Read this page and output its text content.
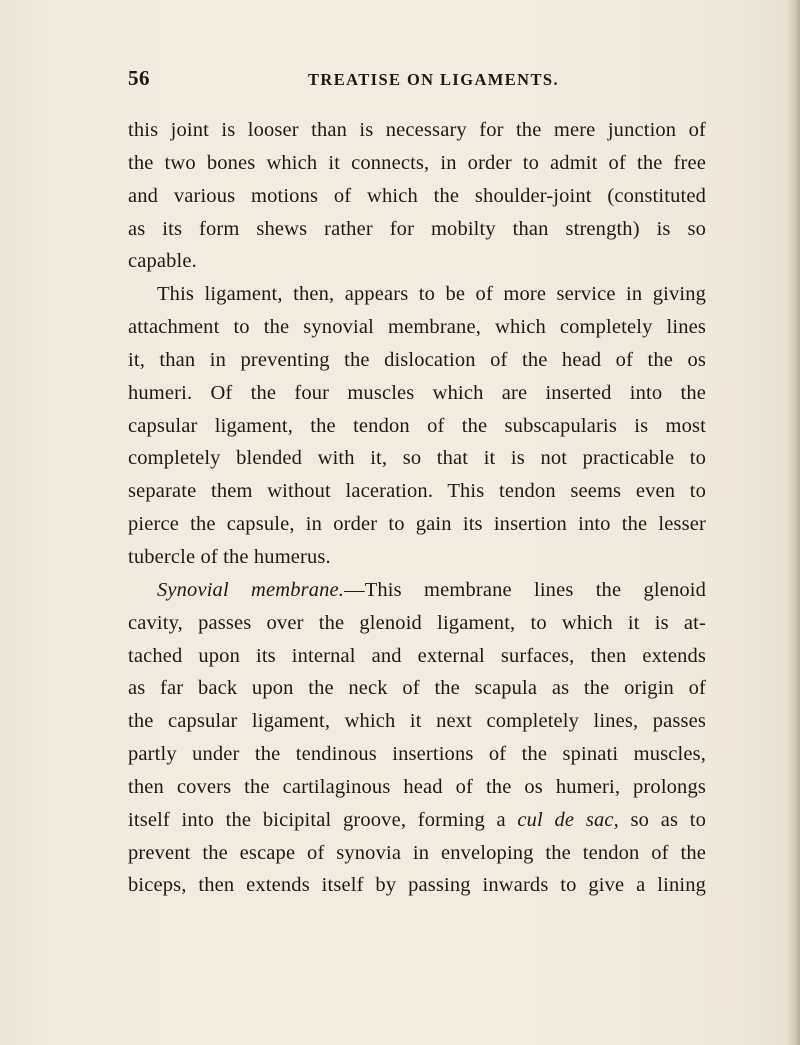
56	TREATISE ON LIGAMENTS.
this joint is looser than is necessary for the mere junction of
the two bones which it connects, in order to admit of the free
and various motions of which the shoulder-joint (constituted
as its form shews rather for mobilty than strength) is so
capable.
This ligament, then, appears to be of more service in giving
attachment to the synovial membrane, which completely lines
it, than in preventing the dislocation of the head of the os
humeri. Of the four muscles which are inserted into the
capsular ligament, the tendon of the subscapularis is most
completely blended with it, so that it is not practicable to
separate them without laceration. This tendon seems even to
pierce the capsule, in order to gain its insertion into the lesser
tubercle of the humerus.
Synovial membrane.—This membrane lines the glenoid
cavity, passes over the glenoid ligament, to which it is at-
tached upon its internal and external surfaces, then extends
as far back upon the neck of the scapula as the origin of
the capsular ligament, which it next completely lines, passes
partly under the tendinous insertions of the spinati muscles,
then covers the cartilaginous head of the os humeri, prolongs
itself into the bicipital groove, forming a cul de sac, so as to
prevent the escape of synovia in enveloping the tendon of the
biceps, then extends itself by passing inwards to give a lining
